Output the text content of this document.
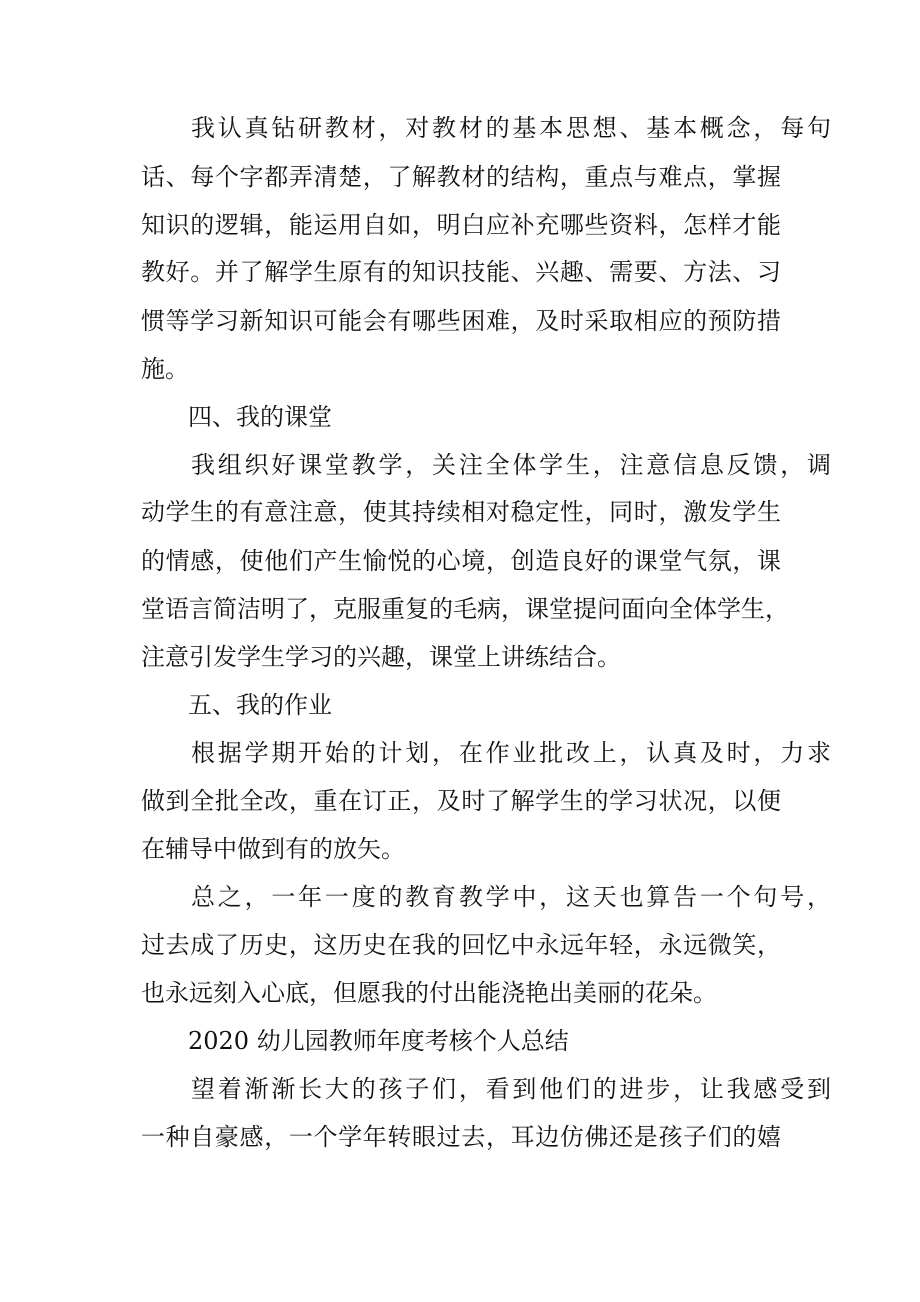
我认真钻研教材，对教材的基本思想、基本概念，每句
话、每个字都弄清楚，了解教材的结构，重点与难点，掌握
知识的逻辑，能运用自如，明白应补充哪些资料，怎样才能
教好。并了解学生原有的知识技能、兴趣、需要、方法、习
惯等学习新知识可能会有哪些困难，及时采取相应的预防措
施。
四、我的课堂
我组织好课堂教学，关注全体学生，注意信息反馈，调
动学生的有意注意，使其持续相对稳定性，同时，激发学生
的情感，使他们产生愉悦的心境，创造良好的课堂气氛，课
堂语言简洁明了，克服重复的毛病，课堂提问面向全体学生，
注意引发学生学习的兴趣，课堂上讲练结合。
五、我的作业
根据学期开始的计划，在作业批改上，认真及时，力求
做到全批全改，重在订正，及时了解学生的学习状况，以便
在辅导中做到有的放矢。
总之，一年一度的教育教学中，这天也算告一个句号，
过去成了历史，这历史在我的回忆中永远年轻，永远微笑，
也永远刻入心底，但愿我的付出能浇艳出美丽的花朵。
2020 幼儿园教师年度考核个人总结
望着渐渐长大的孩子们，看到他们的进步，让我感受到
一种自豪感，一个学年转眼过去，耳边仿佛还是孩子们的嬉
